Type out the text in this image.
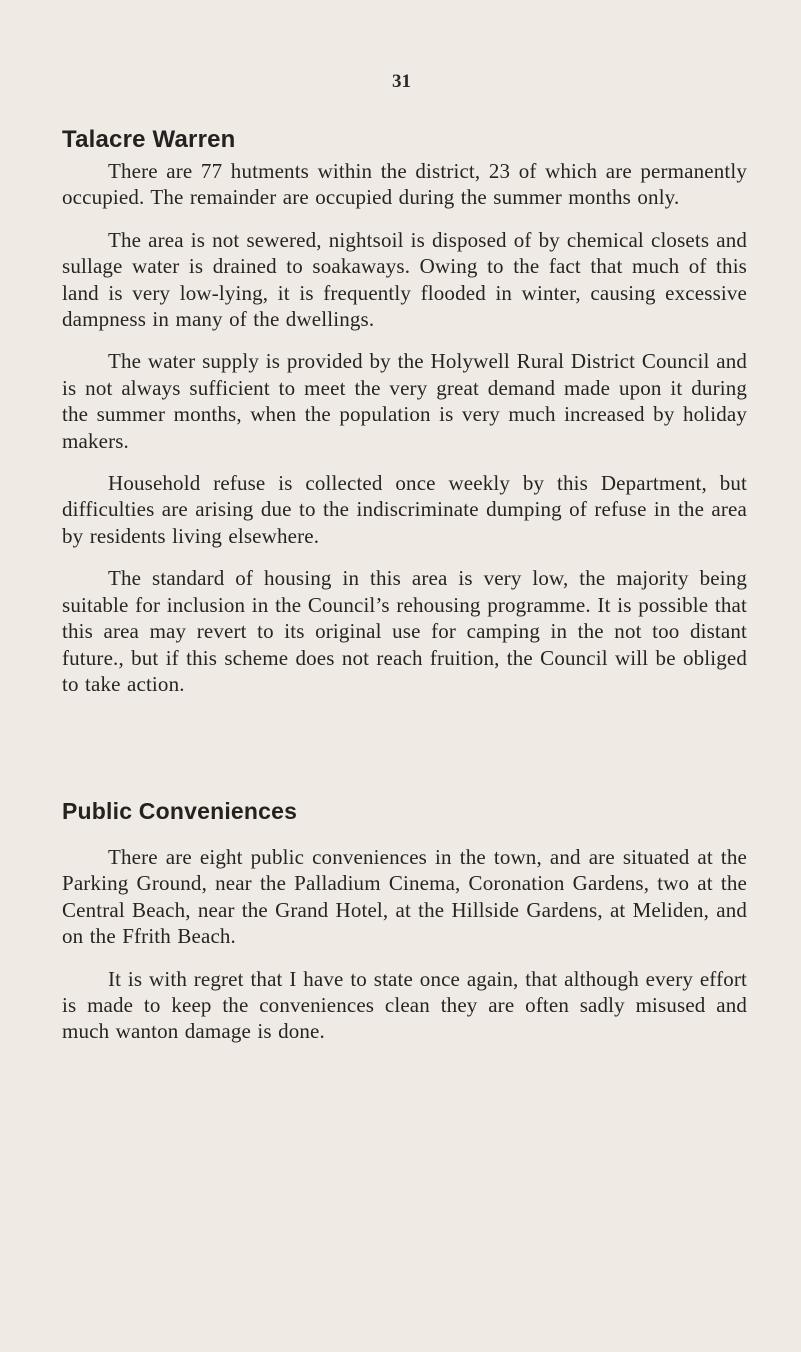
31
Talacre Warren

There are 77 hutments within the district, 23 of which are permanently occupied. The remainder are occupied during the summer months only.

The area is not sewered, nightsoil is disposed of by chemical closets and sullage water is drained to soakaways. Owing to the fact that much of this land is very low-lying, it is frequently flooded in winter, causing excessive dampness in many of the dwellings.

The water supply is provided by the Holywell Rural District Council and is not always sufficient to meet the very great demand made upon it during the summer months, when the population is very much increased by holiday makers.

Household refuse is collected once weekly by this Department, but difficulties are arising due to the indiscriminate dumping of refuse in the area by residents living elsewhere.

The standard of housing in this area is very low, the majority being suitable for inclusion in the Council’s rehousing programme. It is possible that this area may revert to its original use for camping in the not too distant future., but if this scheme does not reach fruition, the Council will be obliged to take action.

Public Conveniences

There are eight public conveniences in the town, and are situated at the Parking Ground, near the Palladium Cinema, Coronation Gardens, two at the Central Beach, near the Grand Hotel, at the Hillside Gardens, at Meliden, and on the Ffrith Beach.

It is with regret that I have to state once again, that although every effort is made to keep the conveniences clean they are often sadly misused and much wanton damage is done.
